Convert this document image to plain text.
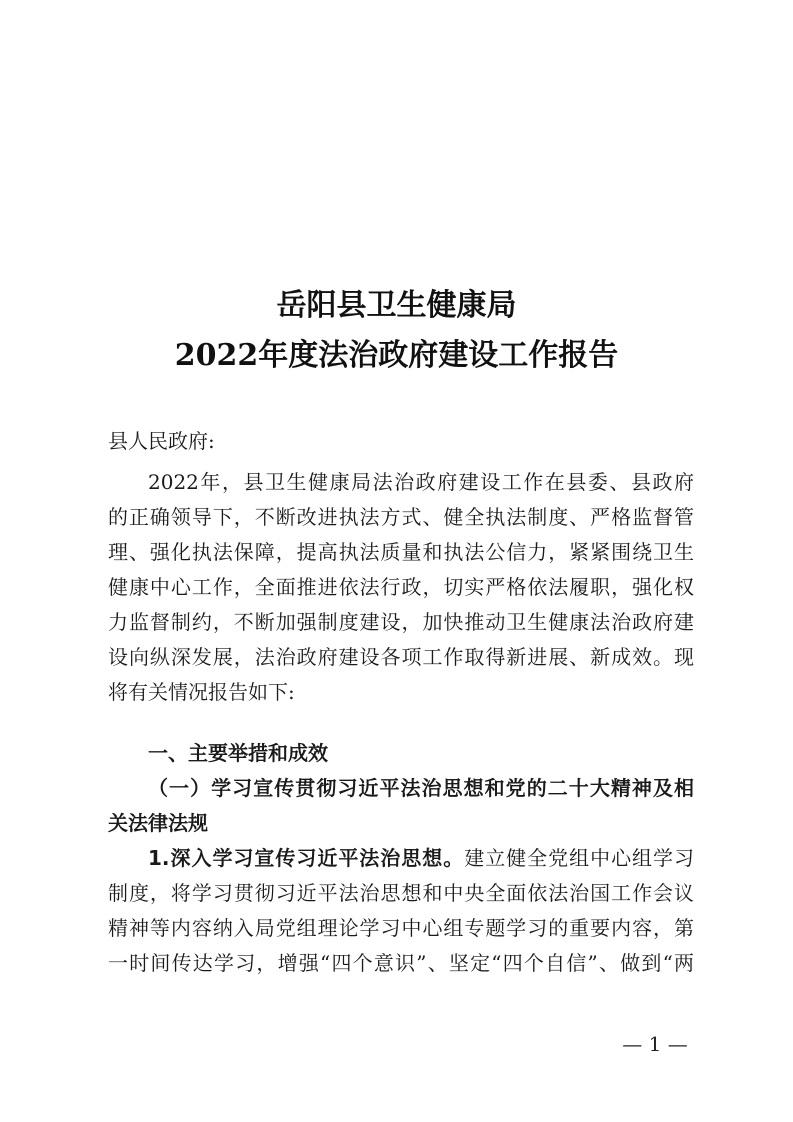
岳阳县卫生健康局
2022年度法治政府建设工作报告
县人民政府:
2022年，县卫生健康局法治政府建设工作在县委、县政府
的正确领导下，不断改进执法方式、健全执法制度、严格监督管
理、强化执法保障，提高执法质量和执法公信力，紧紧围绕卫生
健康中心工作，全面推进依法行政，切实严格依法履职，强化权
力监督制约，不断加强制度建设，加快推动卫生健康法治政府建
设向纵深发展，法治政府建设各项工作取得新进展、新成效。现
将有关情况报告如下:
一、主要举措和成效
（一）学习宣传贯彻习近平法治思想和党的二十大精神及相
关法律法规
1.深入学习宣传习近平法治思想。建立健全党组中心组学习
制度，将学习贯彻习近平法治思想和中央全面依法治国工作会议
精神等内容纳入局党组理论学习中心组专题学习的重要内容，第
一时间传达学习，增强“四个意识”、坚定“四个自信”、做到“两
— 1 —
